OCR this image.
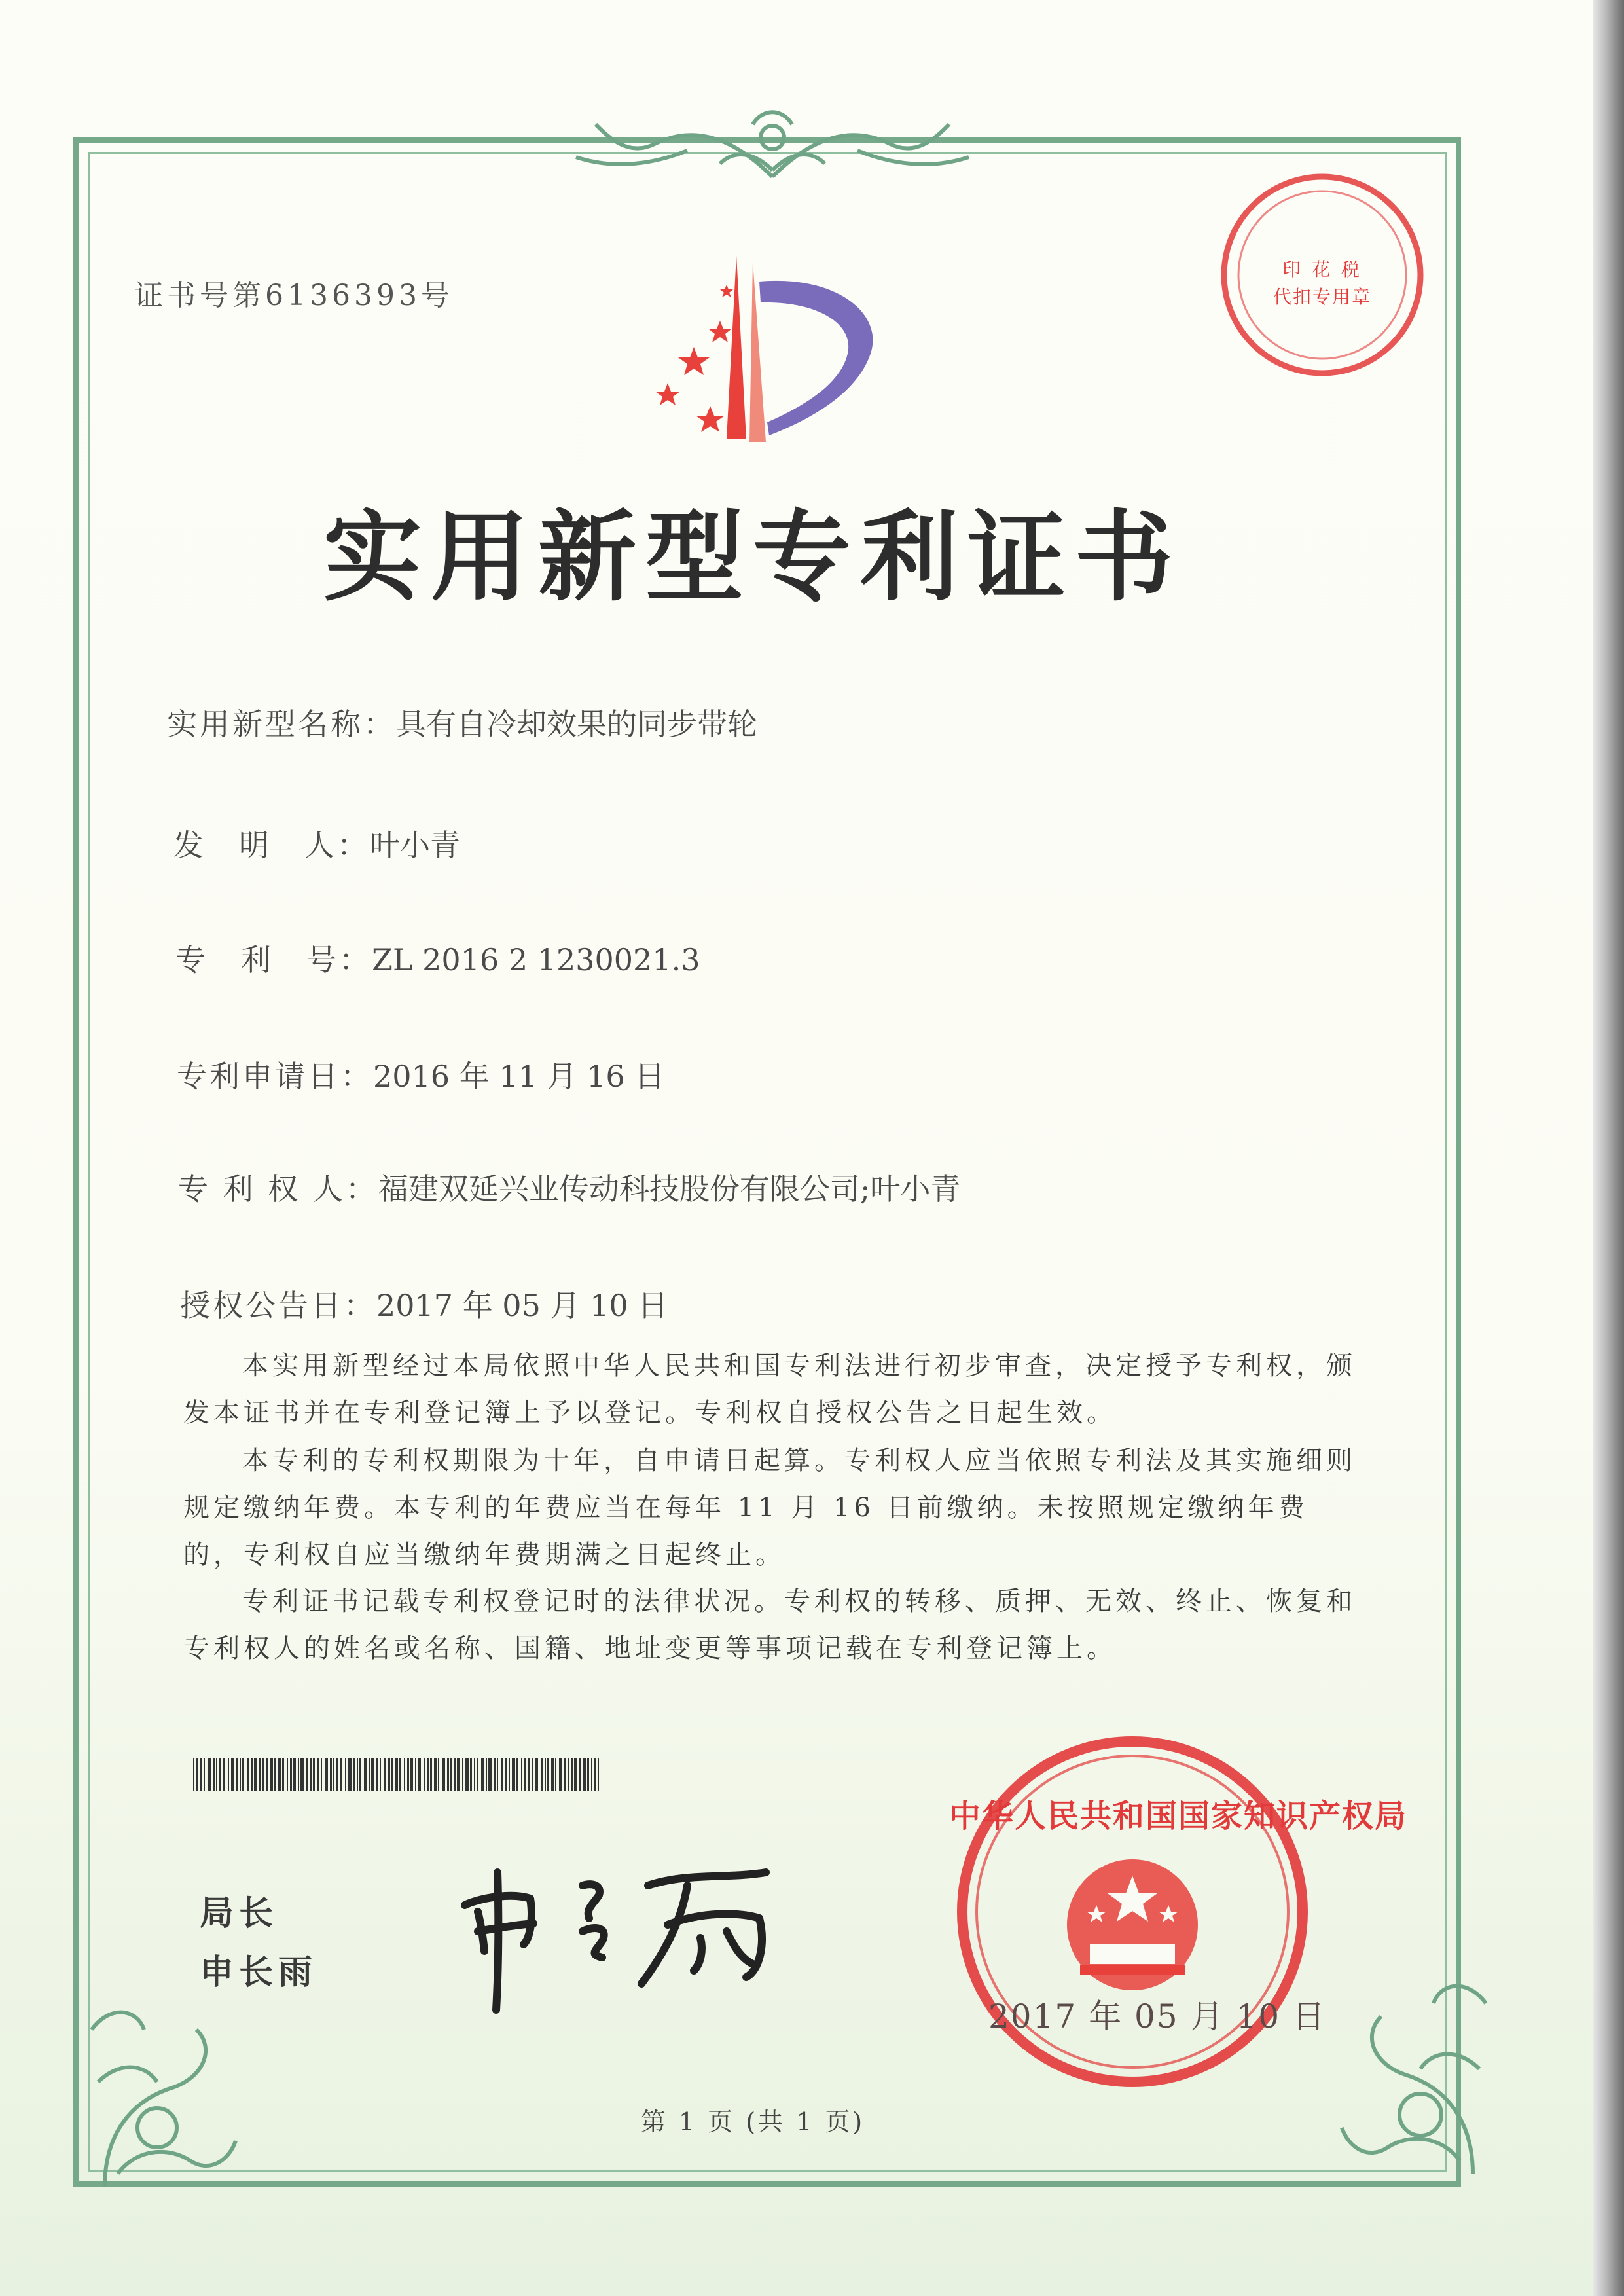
证书号第6136393号
印 花 税
代扣专用章
实用新型专利证书
实用新型名称：具有自冷却效果的同步带轮
发　明　人：叶小青
专　利　号：ZL 2016 2 1230021.3
专利申请日：2016 年 11 月 16 日
专 利 权 人：福建双延兴业传动科技股份有限公司;叶小青
授权公告日：2017 年 05 月 10 日
本实用新型经过本局依照中华人民共和国专利法进行初步审查，决定授予专利权，颁发本证书并在专利登记簿上予以登记。专利权自授权公告之日起生效。
本专利的专利权期限为十年，自申请日起算。专利权人应当依照专利法及其实施细则规定缴纳年费。本专利的年费应当在每年 11 月 16 日前缴纳。未按照规定缴纳年费的，专利权自应当缴纳年费期满之日起终止。
专利证书记载专利权登记时的法律状况。专利权的转移、质押、无效、终止、恢复和专利权人的姓名或名称、国籍、地址变更等事项记载在专利登记簿上。
局长
申长雨
中华人民共和国国家知识产权局
2017 年 05 月 10 日
第 1 页 (共 1 页)
